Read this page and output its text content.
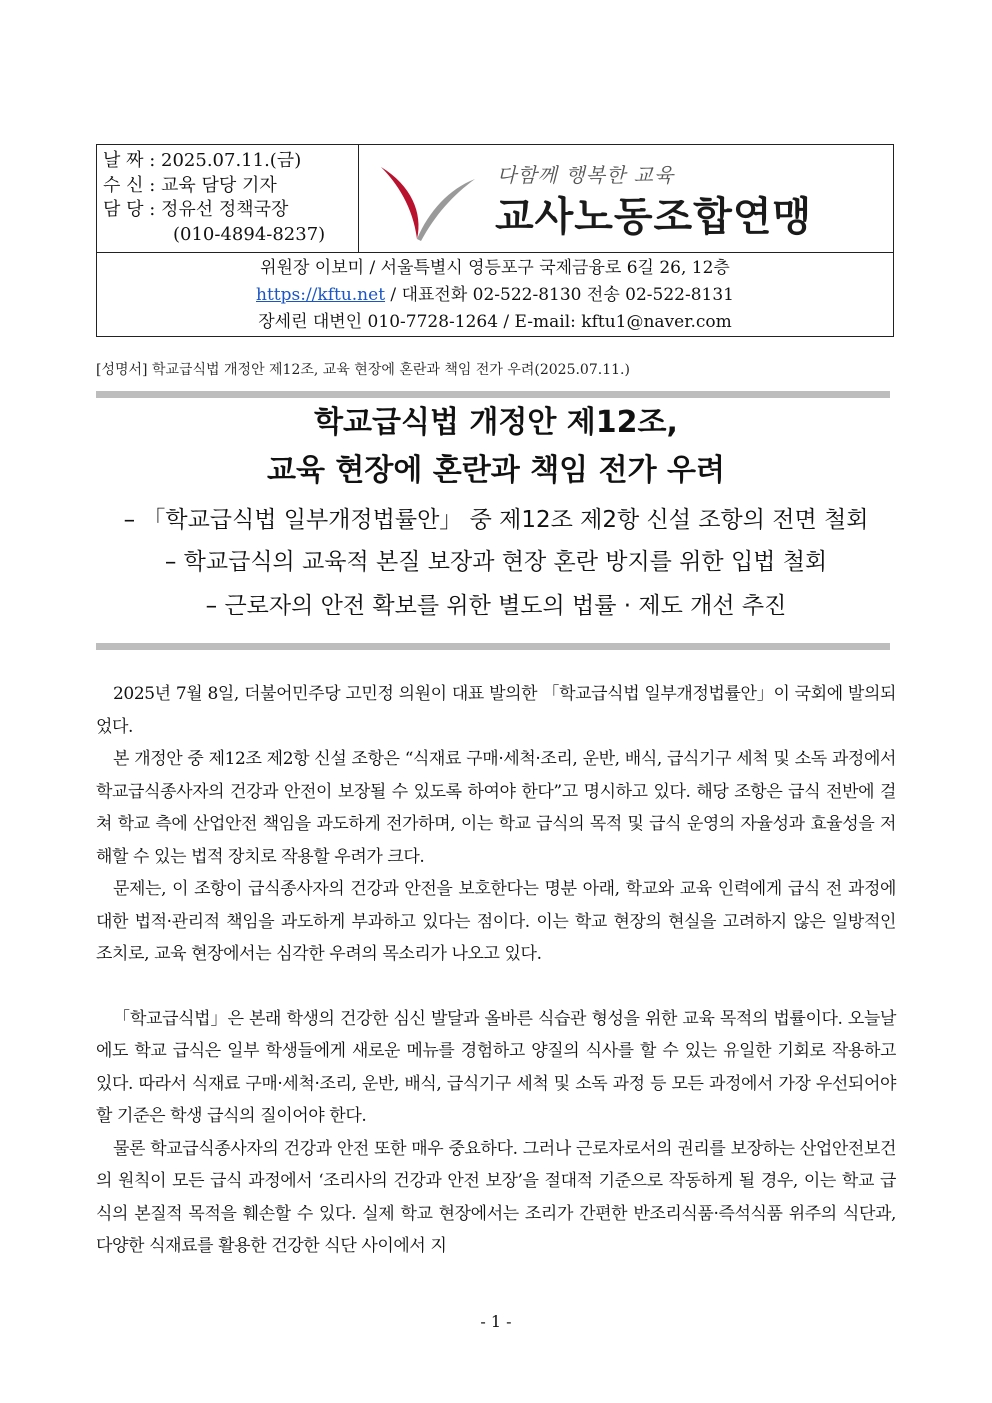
날 짜 : 2025.07.11.(금)
수 신 : 교육 담당 기자
담 당 : 정유선 정책국장
(010-4894-8237)
다함께 행복한 교육
교사노동조합연맹
위원장 이보미 / 서울특별시 영등포구 국제금융로 6길 26, 12층
https://kftu.net / 대표전화 02-522-8130 전송 02-522-8131
장세린 대변인 010-7728-1264 / E-mail: kftu1@naver.com
[성명서] 학교급식법 개정안 제12조, 교육 현장에 혼란과 책임 전가 우려(2025.07.11.)
학교급식법 개정안 제12조,
교육 현장에 혼란과 책임 전가 우려
– 「학교급식법 일부개정법률안」 중 제12조 제2항 신설 조항의 전면 철회
– 학교급식의 교육적 본질 보장과 현장 혼란 방지를 위한 입법 철회
– 근로자의 안전 확보를 위한 별도의 법률 · 제도 개선 추진

2025년 7월 8일, 더불어민주당 고민정 의원이 대표 발의한 「학교급식법 일부개정법률안」이 국회에 발의되었다.

본 개정안 중 제12조 제2항 신설 조항은 “식재료 구매·세척·조리, 운반, 배식, 급식기구 세척 및 소독 과정에서 학교급식종사자의 건강과 안전이 보장될 수 있도록 하여야 한다”고 명시하고 있다. 해당 조항은 급식 전반에 걸쳐 학교 측에 산업안전 책임을 과도하게 전가하며, 이는 학교 급식의 목적 및 급식 운영의 자율성과 효율성을 저해할 수 있는 법적 장치로 작용할 우려가 크다.

문제는, 이 조항이 급식종사자의 건강과 안전을 보호한다는 명분 아래, 학교와 교육 인력에게 급식 전 과정에 대한 법적·관리적 책임을 과도하게 부과하고 있다는 점이다. 이는 학교 현장의 현실을 고려하지 않은 일방적인 조치로, 교육 현장에서는 심각한 우려의 목소리가 나오고 있다.

「학교급식법」은 본래 학생의 건강한 심신 발달과 올바른 식습관 형성을 위한 교육 목적의 법률이다. 오늘날에도 학교 급식은 일부 학생들에게 새로운 메뉴를 경험하고 양질의 식사를 할 수 있는 유일한 기회로 작용하고 있다. 따라서 식재료 구매·세척·조리, 운반, 배식, 급식기구 세척 및 소독 과정 등 모든 과정에서 가장 우선되어야 할 기준은 학생 급식의 질이어야 한다.

물론 학교급식종사자의 건강과 안전 또한 매우 중요하다. 그러나 근로자로서의 권리를 보장하는 산업안전보건의 원칙이 모든 급식 과정에서 ‘조리사의 건강과 안전 보장’을 절대적 기준으로 작동하게 될 경우, 이는 학교 급식의 본질적 목적을 훼손할 수 있다. 실제 학교 현장에서는 조리가 간편한 반조리식품·즉석식품 위주의 식단과, 다양한 식재료를 활용한 건강한 식단 사이에서 지

- 1 -
